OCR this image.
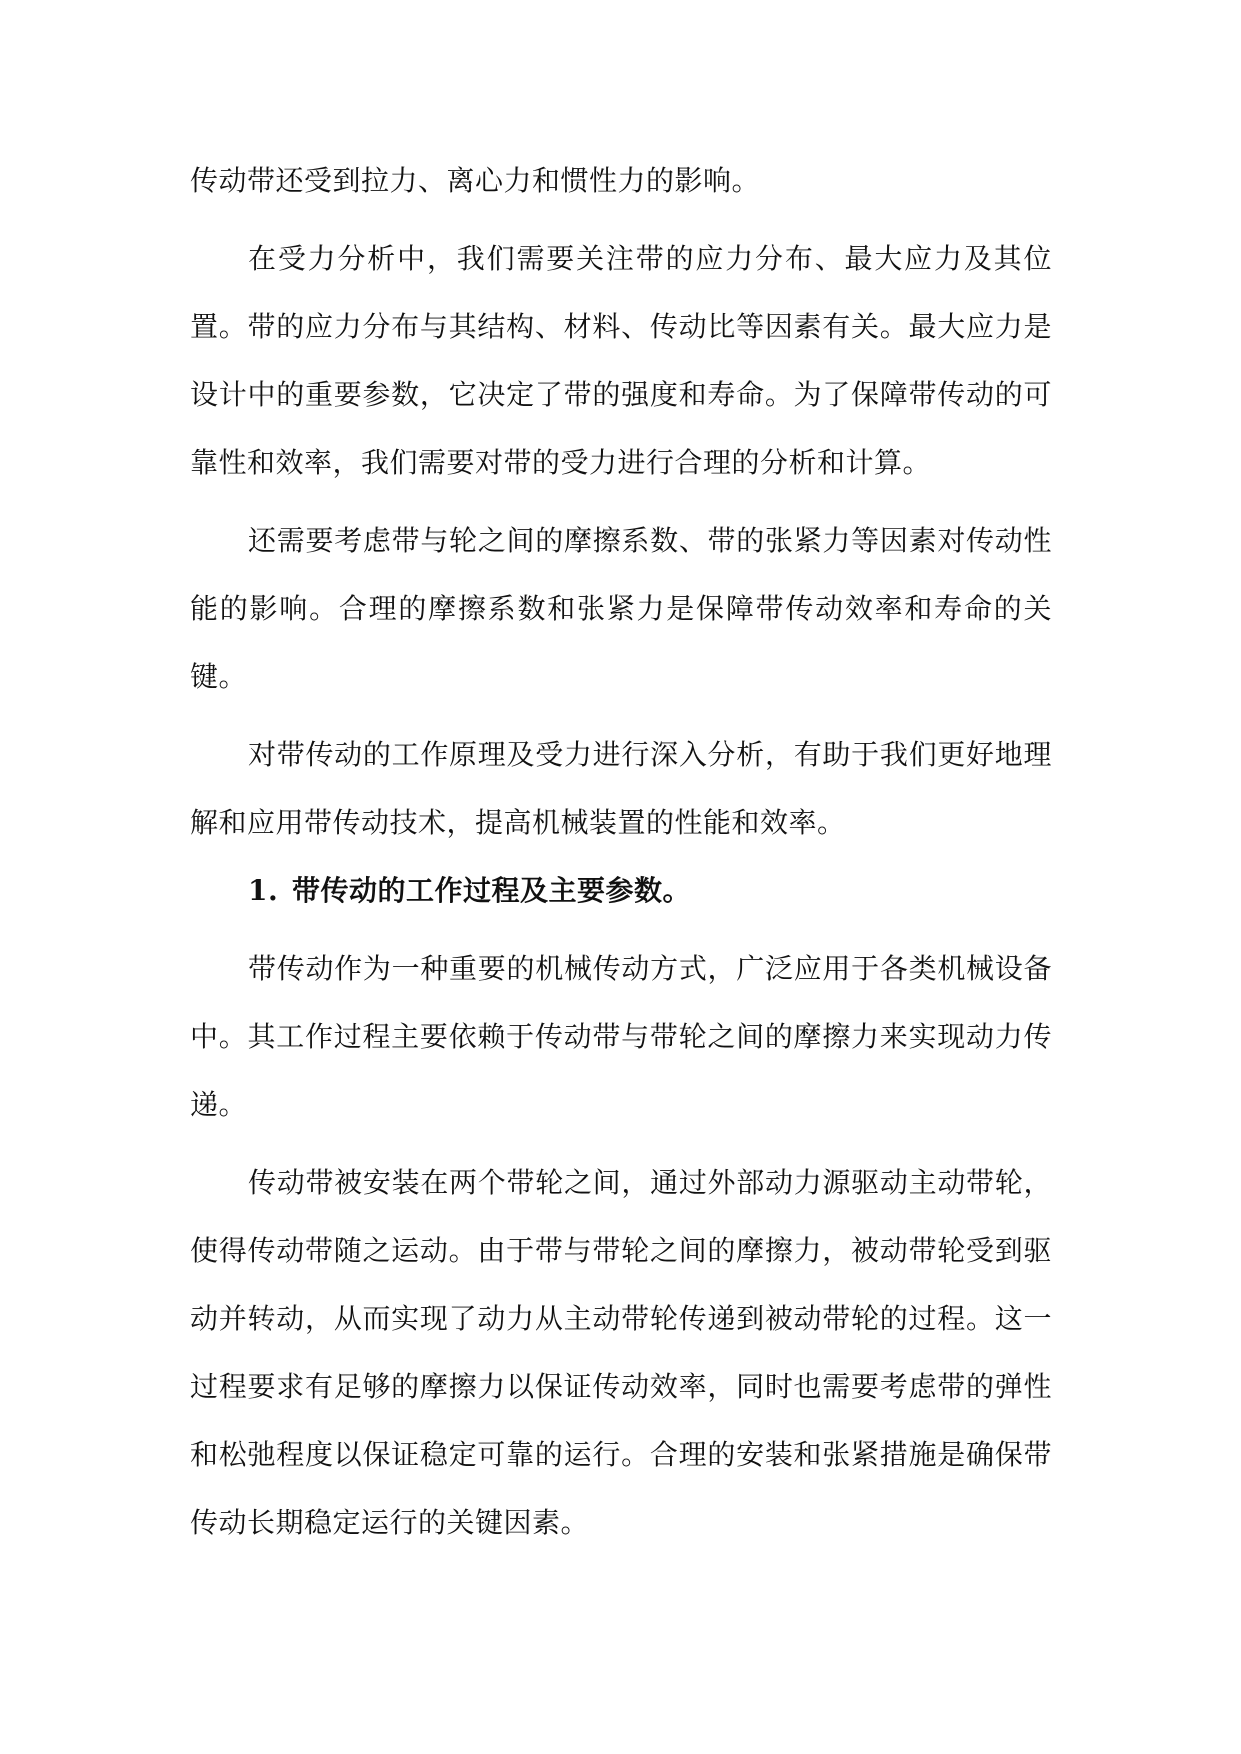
传动带还受到拉力、离心力和惯性力的影响。

在受力分析中，我们需要关注带的应力分布、最大应力及其位置。带的应力分布与其结构、材料、传动比等因素有关。最大应力是设计中的重要参数，它决定了带的强度和寿命。为了保障带传动的可靠性和效率，我们需要对带的受力进行合理的分析和计算。

还需要考虑带与轮之间的摩擦系数、带的张紧力等因素对传动性能的影响。合理的摩擦系数和张紧力是保障带传动效率和寿命的关键。

对带传动的工作原理及受力进行深入分析，有助于我们更好地理解和应用带传动技术，提高机械装置的性能和效率。

1. 带传动的工作过程及主要参数。

带传动作为一种重要的机械传动方式，广泛应用于各类机械设备中。其工作过程主要依赖于传动带与带轮之间的摩擦力来实现动力传递。

传动带被安装在两个带轮之间，通过外部动力源驱动主动带轮，使得传动带随之运动。由于带与带轮之间的摩擦力，被动带轮受到驱动并转动，从而实现了动力从主动带轮传递到被动带轮的过程。这一过程要求有足够的摩擦力以保证传动效率，同时也需要考虑带的弹性和松弛程度以保证稳定可靠的运行。合理的安装和张紧措施是确保带传动长期稳定运行的关键因素。
